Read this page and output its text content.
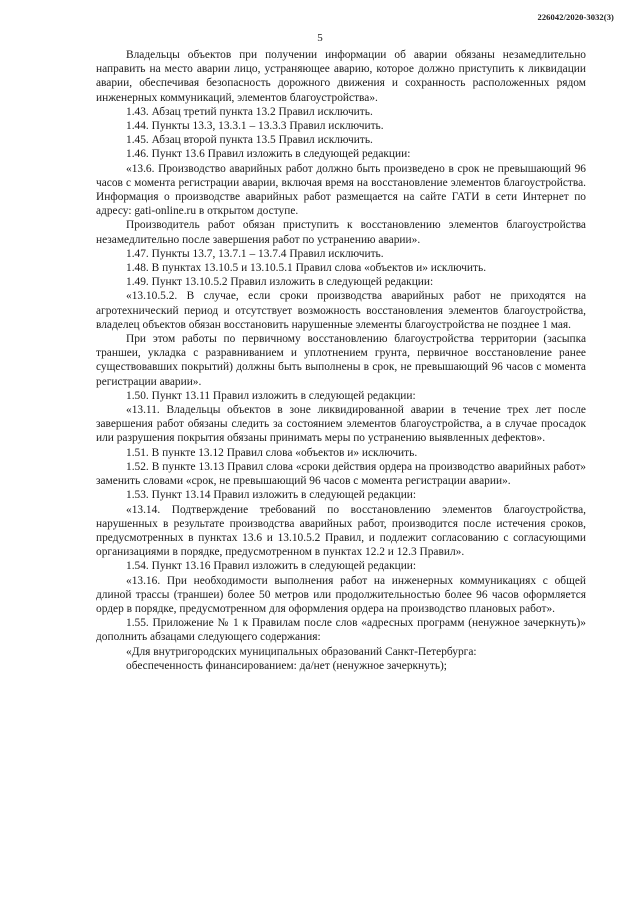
226042/2020-3032(3)
5

Владельцы объектов при получении информации об аварии обязаны незамедлительно направить на место аварии лицо, устраняющее аварию, которое должно приступить к ликвидации аварии, обеспечивая безопасность дорожного движения и сохранность расположенных рядом инженерных коммуникаций, элементов благоустройства».

1.43. Абзац третий пункта 13.2 Правил исключить.

1.44. Пункты 13.3, 13.3.1 – 13.3.3 Правил исключить.

1.45. Абзац второй пункта 13.5 Правил исключить.

1.46. Пункт 13.6 Правил изложить в следующей редакции:

«13.6. Производство аварийных работ должно быть произведено в срок не превышающий 96 часов с момента регистрации аварии, включая время на восстановление элементов благоустройства. Информация о производстве аварийных работ размещается на сайте ГАТИ в сети Интернет по адресу: gati-online.ru в открытом доступе.

Производитель работ обязан приступить к восстановлению элементов благоустройства незамедлительно после завершения работ по устранению аварии».

1.47. Пункты 13.7, 13.7.1 – 13.7.4 Правил исключить.

1.48. В пунктах 13.10.5 и 13.10.5.1 Правил слова «объектов и» исключить.

1.49. Пункт 13.10.5.2 Правил изложить в следующей редакции:

«13.10.5.2. В случае, если сроки производства аварийных работ не приходятся на агротехнический период и отсутствует возможность восстановления элементов благоустройства, владелец объектов обязан восстановить нарушенные элементы благоустройства не позднее 1 мая.

При этом работы по первичному восстановлению благоустройства территории (засыпка траншеи, укладка с разравниванием и уплотнением грунта, первичное восстановление ранее существовавших покрытий) должны быть выполнены в срок, не превышающий 96 часов с момента регистрации аварии».

1.50. Пункт 13.11 Правил изложить в следующей редакции:

«13.11. Владельцы объектов в зоне ликвидированной аварии в течение трех лет после завершения работ обязаны следить за состоянием элементов благоустройства, а в случае просадок или разрушения покрытия обязаны принимать меры по устранению выявленных дефектов».

1.51. В пункте 13.12 Правил слова «объектов и» исключить.

1.52. В пункте 13.13 Правил слова «сроки действия ордера на производство аварийных работ» заменить словами «срок, не превышающий 96 часов с момента регистрации аварии».

1.53. Пункт 13.14 Правил изложить в следующей редакции:

«13.14. Подтверждение требований по восстановлению элементов благоустройства, нарушенных в результате производства аварийных работ, производится после истечения сроков, предусмотренных в пунктах 13.6 и 13.10.5.2 Правил, и подлежит согласованию с согласующими организациями в порядке, предусмотренном в пунктах 12.2 и 12.3 Правил».

1.54. Пункт 13.16 Правил изложить в следующей редакции:

«13.16. При необходимости выполнения работ на инженерных коммуникациях с общей длиной трассы (траншеи) более 50 метров или продолжительностью более 96 часов оформляется ордер в порядке, предусмотренном для оформления ордера на производство плановых работ».

1.55. Приложение № 1 к Правилам после слов «адресных программ (ненужное зачеркнуть)» дополнить абзацами следующего содержания:

«Для внутригородских муниципальных образований Санкт-Петербурга:

обеспеченность финансированием: да/нет (ненужное зачеркнуть);
